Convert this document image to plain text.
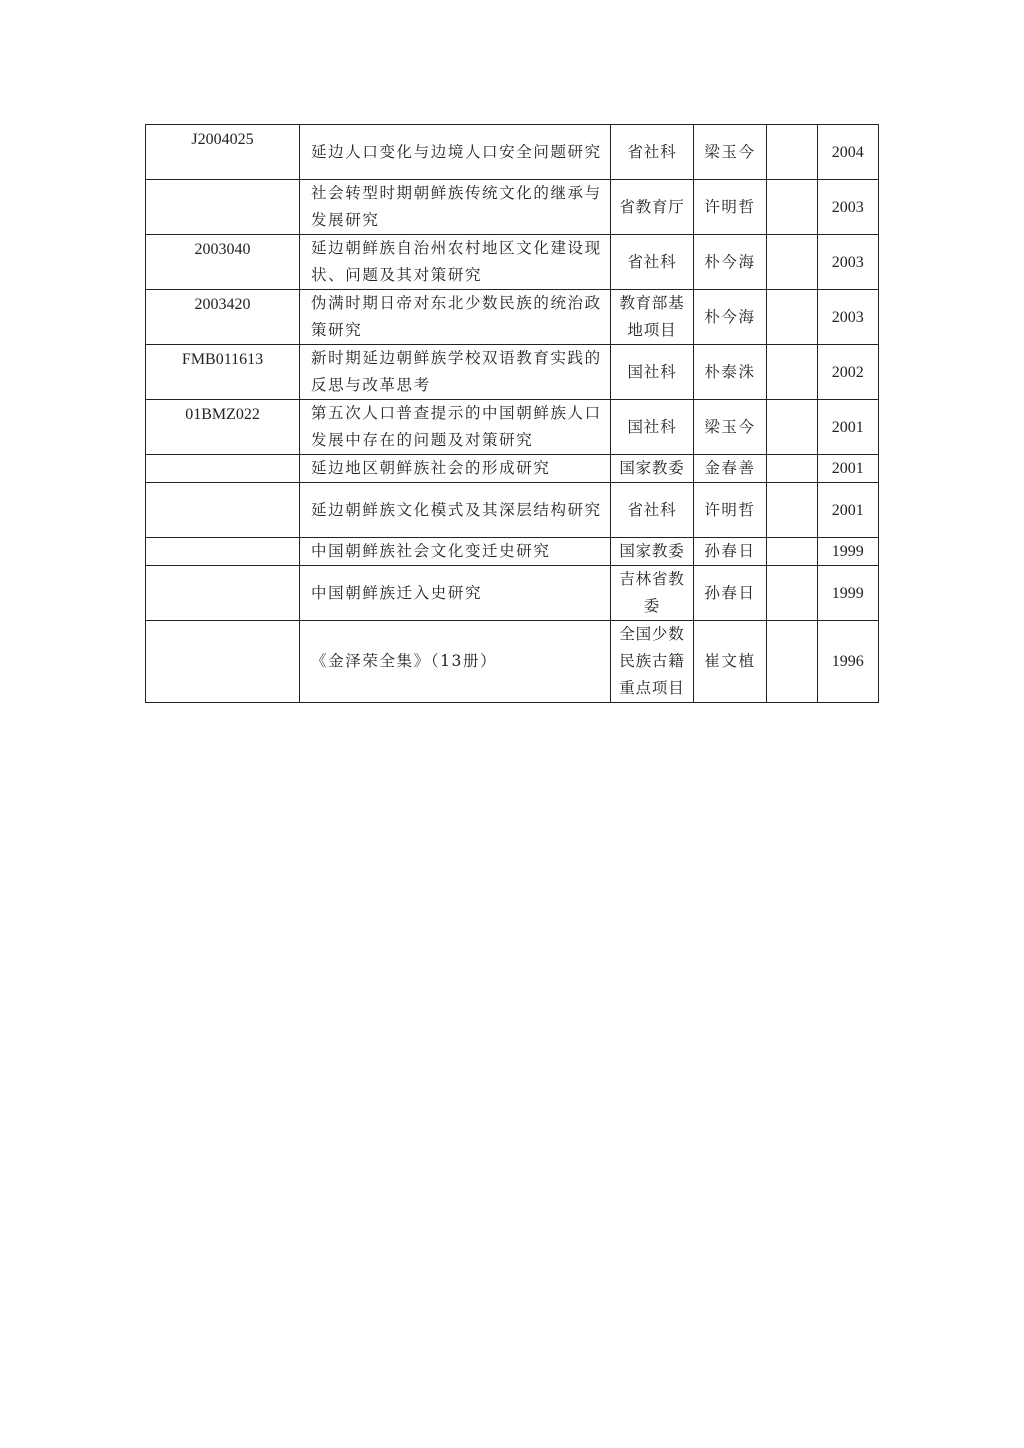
J2004025	延边人口变化与边境人口安全问题研究	省社科	梁玉今		2004
	社会转型时期朝鲜族传统文化的继承与发展研究	省教育厅	许明哲		2003
2003040	延边朝鲜族自治州农村地区文化建设现状、问题及其对策研究	省社科	朴今海		2003
2003420	伪满时期日帝对东北少数民族的统治政策研究	教育部基地项目	朴今海		2003
FMB011613	新时期延边朝鲜族学校双语教育实践的反思与改革思考	国社科	朴泰洙		2002
01BMZ022	第五次人口普查提示的中国朝鲜族人口发展中存在的问题及对策研究	国社科	梁玉今		2001
	延边地区朝鲜族社会的形成研究	国家教委	金春善		2001
	延边朝鲜族文化模式及其深层结构研究	省社科	许明哲		2001
	中国朝鲜族社会文化变迁史研究	国家教委	孙春日		1999
	中国朝鲜族迁入史研究	吉林省教委	孙春日		1999
	《金泽荣全集》（13册）	全国少数民族古籍重点项目	崔文植		1996
